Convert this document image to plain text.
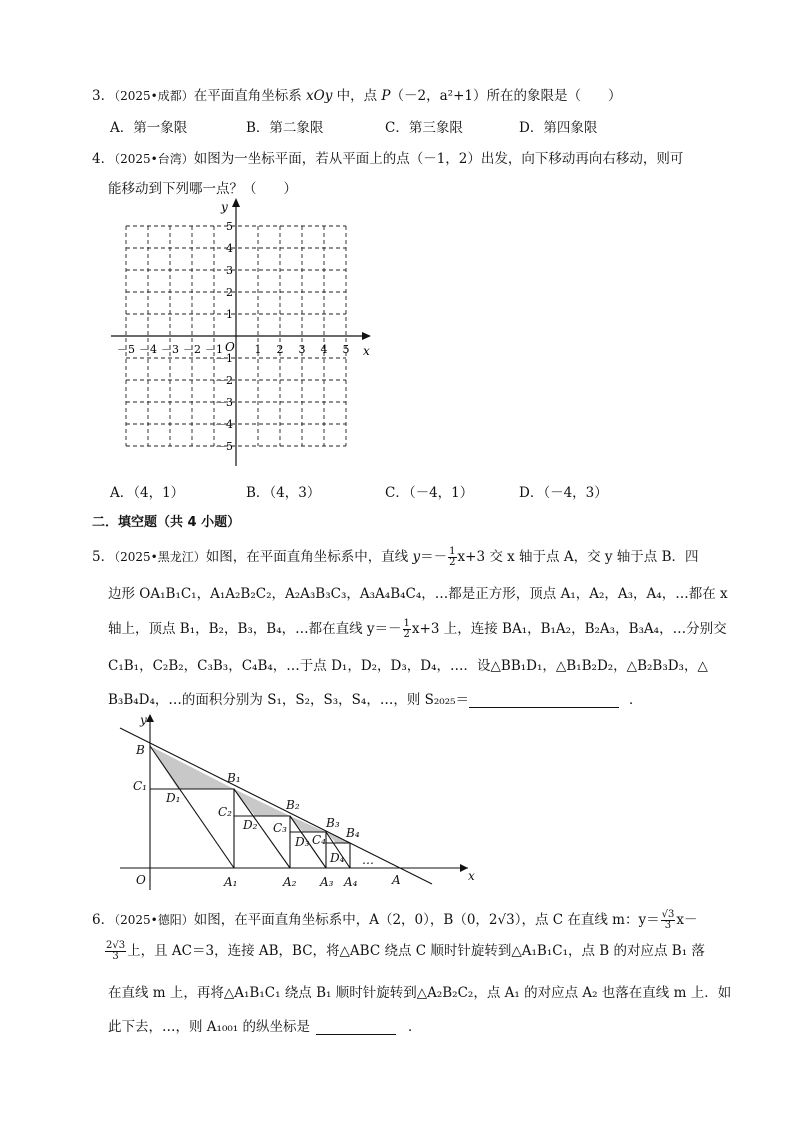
3．（2025•成都）在平面直角坐标系 xOy 中，点 P（－2，a²+1）所在的象限是（　　）
A．第一象限	B．第二象限	C．第三象限	D．第四象限
4．（2025•台湾）如图为一坐标平面，若从平面上的点（－1，2）出发，向下移动再向右移动，则可
能移动到下列哪一点？（　　）
x
y
O
－5 －4 －3 －2 －1	1 2 3 4 5
5
4
3
2
1
－1
－2
－3
－4
－5
A．（4，1）	B．（4，3）	C．（－4，1）	D．（－4，3）
二．填空题（共 4 小题）
5．（2025•黑龙江）如图，在平面直角坐标系中，直线 $y=- \frac{1}{2} x+3$ 交 x 轴于点 A，交 y 轴于点 B．四
边形 OA₁B₁C₁，A₁A₂B₂C₂，A₂A₃B₃C₃，A₃A₄B₄C₄，…都是正方形，顶点 A₁，A₂，A₃，A₄，…都在 x
轴上，顶点 B₁，B₂，B₃，B₄，…都在直线 $y=- \frac{1}{2} x+3$ 上，连接 BA₁，B₁A₂，B₂A₃，B₃A₄，…分别交
C₁B₁，C₂B₂，C₃B₃，C₄B₄，…于点 D₁，D₂，D₃，D₄，…．设△BB₁D₁，△B₁B₂D₂，△B₂B₃D₃，△
B₃B₄D₄，…的面积分别为 S₁，S₂，S₃，S₄，…，则 S₂₀₂₅＝	．
y
x
O
B
A
C₁
D₁
B₁
A₁
C₂
D₂
B₂
A₂
C₃
D₃
B₃
A₃
C₄
D₄
B₄
A₄
…
6．（2025•德阳）如图，在平面直角坐标系中，A（2，0），B（0，2√3），点 C 在直线 m：$y= \frac{√3}{3} x-$
$\frac{2√3}{3}$ 上，且 AC＝3，连接 AB，BC，将△ABC 绕点 C 顺时针旋转到△A₁B₁C₁，点 B 的对应点 B₁ 落
在直线 m 上，再将△A₁B₁C₁ 绕点 B₁ 顺时针旋转到△A₂B₂C₂，点 A₁ 的对应点 A₂ 也落在直线 m 上．如
此下去，…，则 A₁₀₀₁ 的纵坐标是	．
